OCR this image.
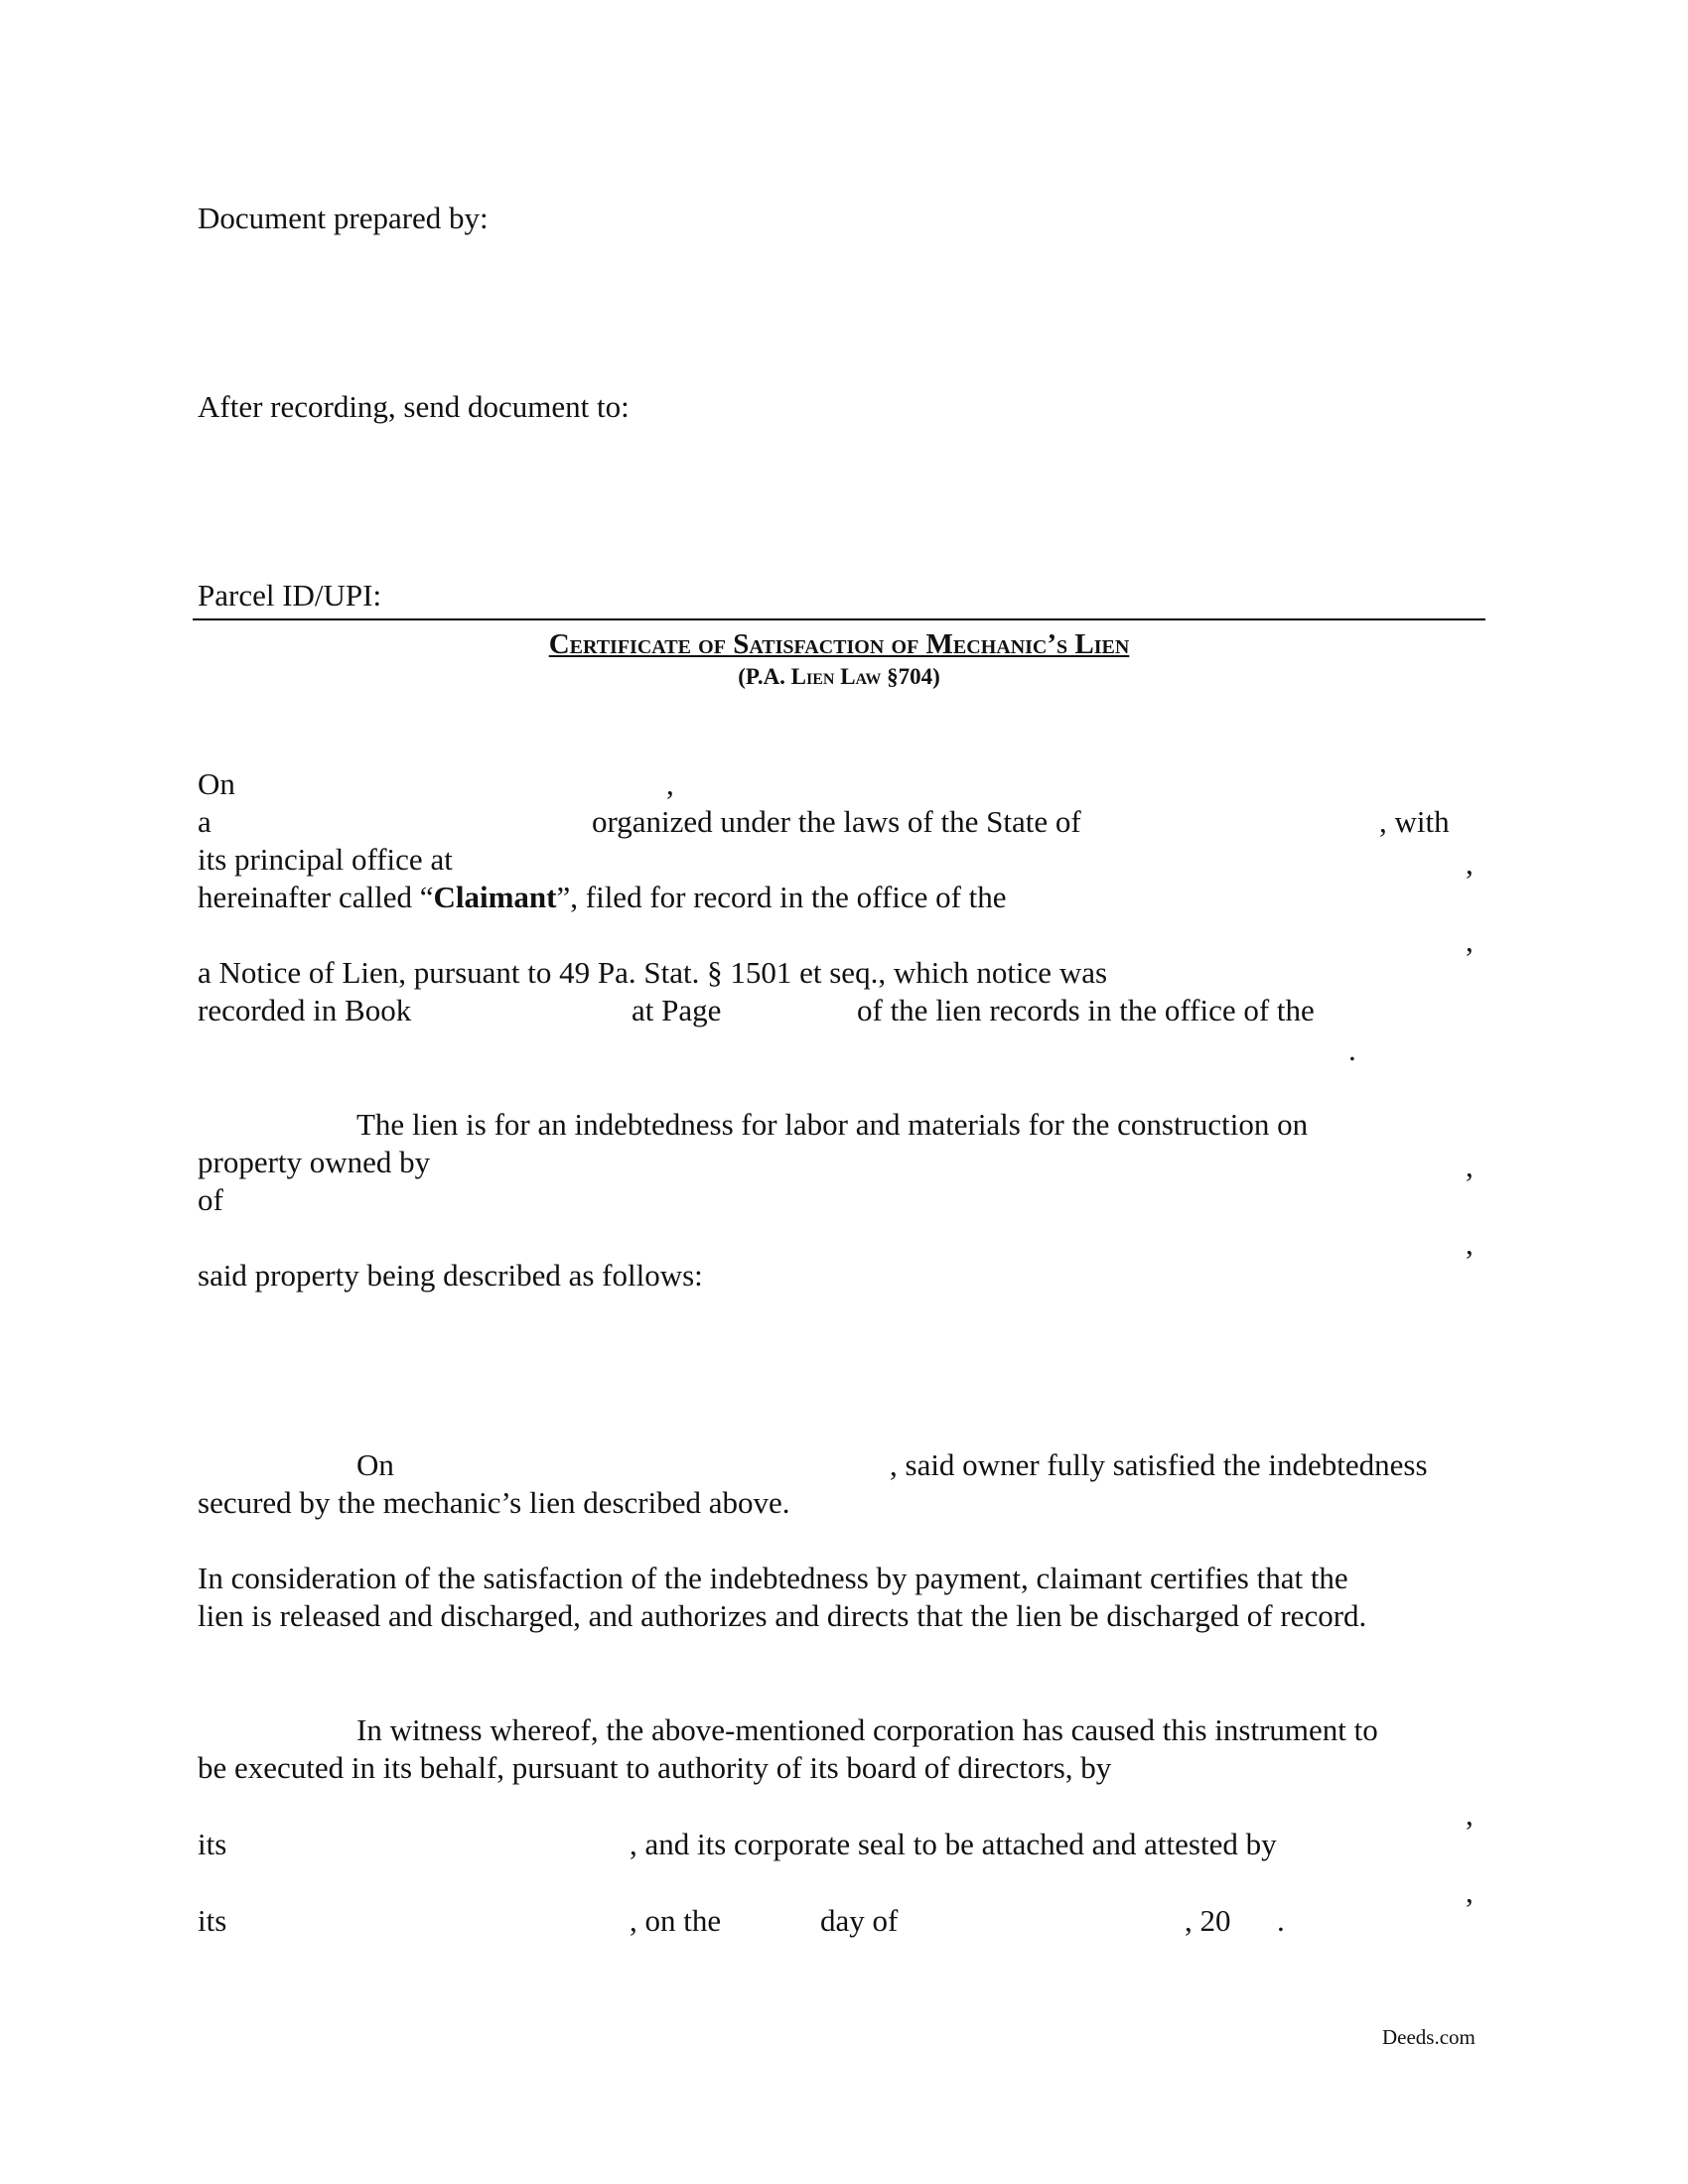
Document prepared by:
After recording, send document to:
Parcel ID/UPI:
Certificate of Satisfaction of Mechanic’s Lien
(P.A. Lien Law §704)
On	,
a	organized under the laws of the State of	, with
its principal office at	,
hereinafter called “Claimant”, filed for record in the office of the
,
a Notice of Lien, pursuant to 49 Pa. Stat. § 1501 et seq., which notice was
recorded in Book	at Page	of the lien records in the office of the
.
The lien is for an indebtedness for labor and materials for the construction on
property owned by	,
of
,
said property being described as follows:
On	, said owner fully satisfied the indebtedness
secured by the mechanic’s lien described above.
In consideration of the satisfaction of the indebtedness by payment, claimant certifies that the
lien is released and discharged, and authorizes and directs that the lien be discharged of record.
In witness whereof, the above-mentioned corporation has caused this instrument to
be executed in its behalf, pursuant to authority of its board of directors, by
,
its	, and its corporate seal to be attached and attested by
,
its	, on the	day of	, 20 .
Deeds.com
